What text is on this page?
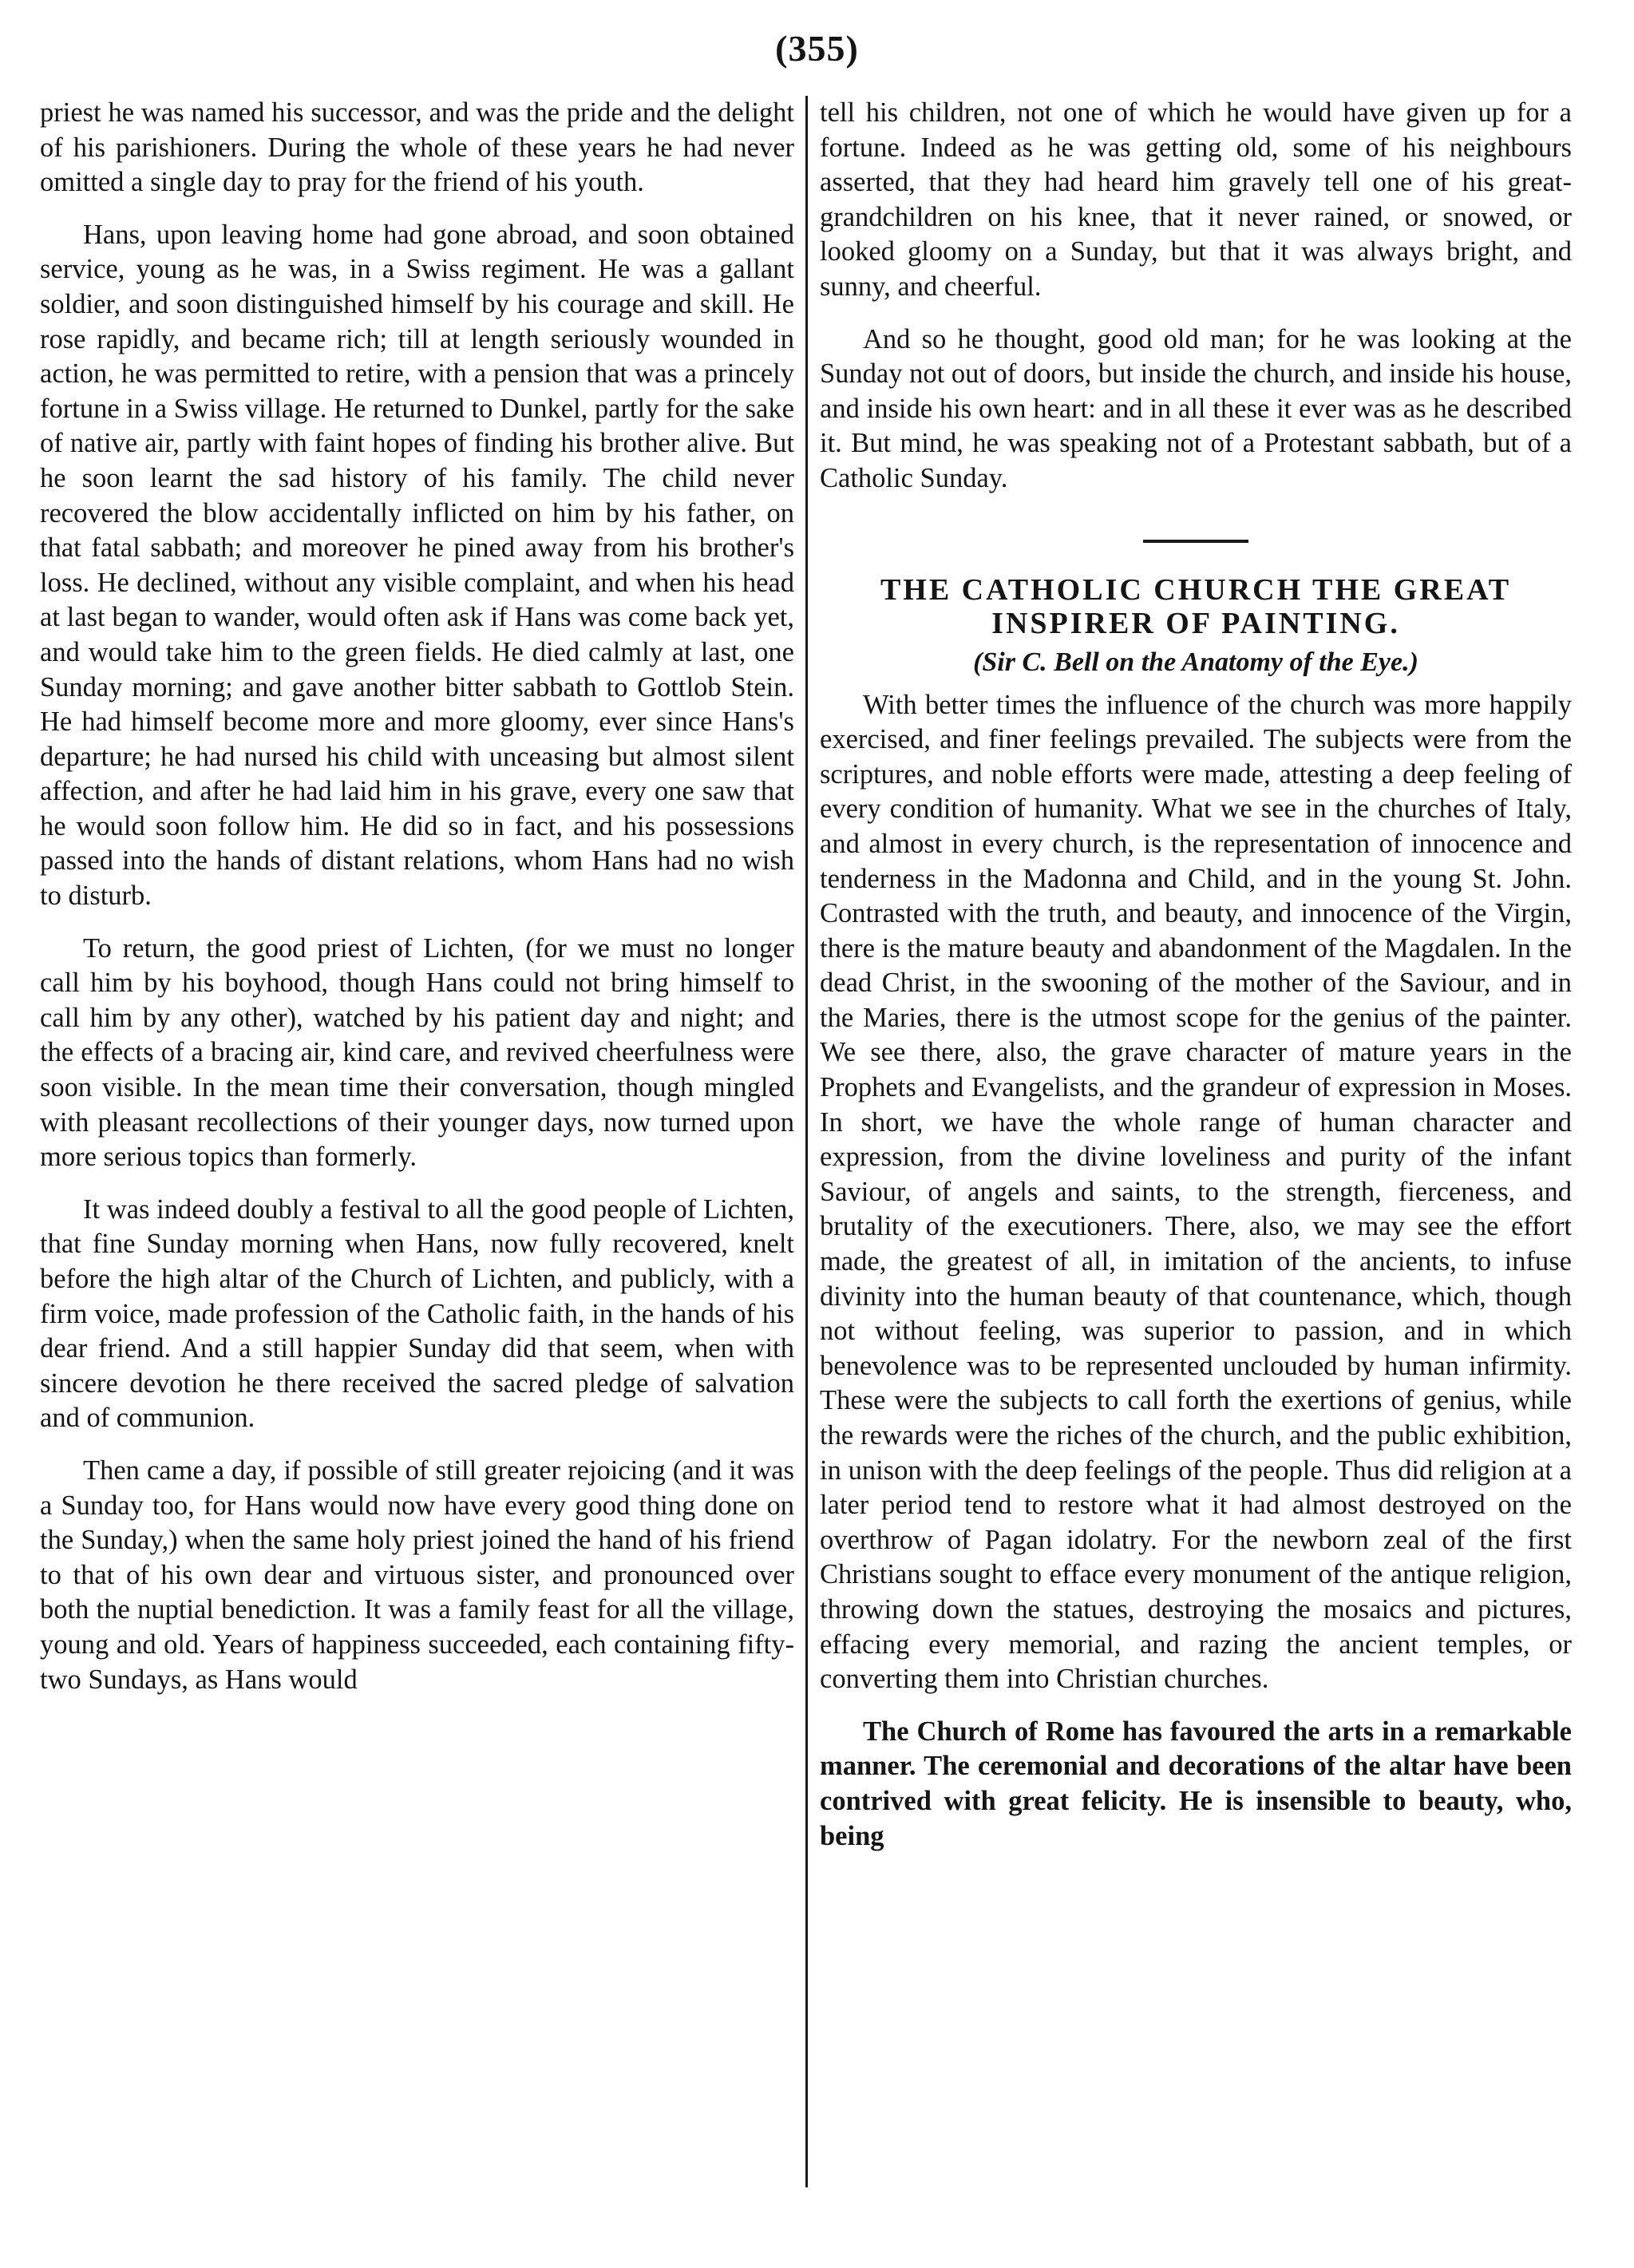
(355)

priest he was named his successor, and was the pride and the delight of his parishioners. During the whole of these years he had never omitted a single day to pray for the friend of his youth.

Hans, upon leaving home had gone abroad, and soon obtained service, young as he was, in a Swiss regiment. He was a gallant soldier, and soon distinguished himself by his courage and skill. He rose rapidly, and became rich; till at length seriously wounded in action, he was permitted to retire, with a pension that was a princely fortune in a Swiss village. He returned to Dunkel, partly for the sake of native air, partly with faint hopes of finding his brother alive. But he soon learnt the sad history of his family. The child never recovered the blow accidentally inflicted on him by his father, on that fatal sabbath; and moreover he pined away from his brother's loss. He declined, without any visible complaint, and when his head at last began to wander, would often ask if Hans was come back yet, and would take him to the green fields. He died calmly at last, one Sunday morning; and gave another bitter sabbath to Gottlob Stein. He had himself become more and more gloomy, ever since Hans's departure; he had nursed his child with unceasing but almost silent affection, and after he had laid him in his grave, every one saw that he would soon follow him. He did so in fact, and his possessions passed into the hands of distant relations, whom Hans had no wish to disturb.

To return, the good priest of Lichten, (for we must no longer call him by his boyhood, though Hans could not bring himself to call him by any other), watched by his patient day and night; and the effects of a bracing air, kind care, and revived cheerfulness were soon visible. In the mean time their conversation, though mingled with pleasant recollections of their younger days, now turned upon more serious topics than formerly.

It was indeed doubly a festival to all the good people of Lichten, that fine Sunday morning when Hans, now fully recovered, knelt before the high altar of the Church of Lichten, and publicly, with a firm voice, made profession of the Catholic faith, in the hands of his dear friend. And a still happier Sunday did that seem, when with sincere devotion he there received the sacred pledge of salvation and of communion.

Then came a day, if possible of still greater rejoicing (and it was a Sunday too, for Hans would now have every good thing done on the Sunday,) when the same holy priest joined the hand of his friend to that of his own dear and virtuous sister, and pronounced over both the nuptial benediction. It was a family feast for all the village, young and old. Years of happiness succeeded, each containing fifty-two Sundays, as Hans would

tell his children, not one of which he would have given up for a fortune. Indeed as he was getting old, some of his neighbours asserted, that they had heard him gravely tell one of his great-grandchildren on his knee, that it never rained, or snowed, or looked gloomy on a Sunday, but that it was always bright, and sunny, and cheerful.

And so he thought, good old man; for he was looking at the Sunday not out of doors, but inside the church, and inside his house, and inside his own heart: and in all these it ever was as he described it. But mind, he was speaking not of a Protestant sabbath, but of a Catholic Sunday.

THE CATHOLIC CHURCH THE GREAT INSPIRER OF PAINTING.
(Sir C. Bell on the Anatomy of the Eye.)

With better times the influence of the church was more happily exercised, and finer feelings prevailed. The subjects were from the scriptures, and noble efforts were made, attesting a deep feeling of every condition of humanity. What we see in the churches of Italy, and almost in every church, is the representation of innocence and tenderness in the Madonna and Child, and in the young St. John. Contrasted with the truth, and beauty, and innocence of the Virgin, there is the mature beauty and abandonment of the Magdalen. In the dead Christ, in the swooning of the mother of the Saviour, and in the Maries, there is the utmost scope for the genius of the painter. We see there, also, the grave character of mature years in the Prophets and Evangelists, and the grandeur of expression in Moses. In short, we have the whole range of human character and expression, from the divine loveliness and purity of the infant Saviour, of angels and saints, to the strength, fierceness, and brutality of the executioners. There, also, we may see the effort made, the greatest of all, in imitation of the ancients, to infuse divinity into the human beauty of that countenance, which, though not without feeling, was superior to passion, and in which benevolence was to be represented unclouded by human infirmity. These were the subjects to call forth the exertions of genius, while the rewards were the riches of the church, and the public exhibition, in unison with the deep feelings of the people. Thus did religion at a later period tend to restore what it had almost destroyed on the overthrow of Pagan idolatry. For the newborn zeal of the first Christians sought to efface every monument of the antique religion, throwing down the statues, destroying the mosaics and pictures, effacing every memorial, and razing the ancient temples, or converting them into Christian churches.

The Church of Rome has favoured the arts in a remarkable manner. The ceremonial and decorations of the altar have been contrived with great felicity. He is insensible to beauty, who, being
